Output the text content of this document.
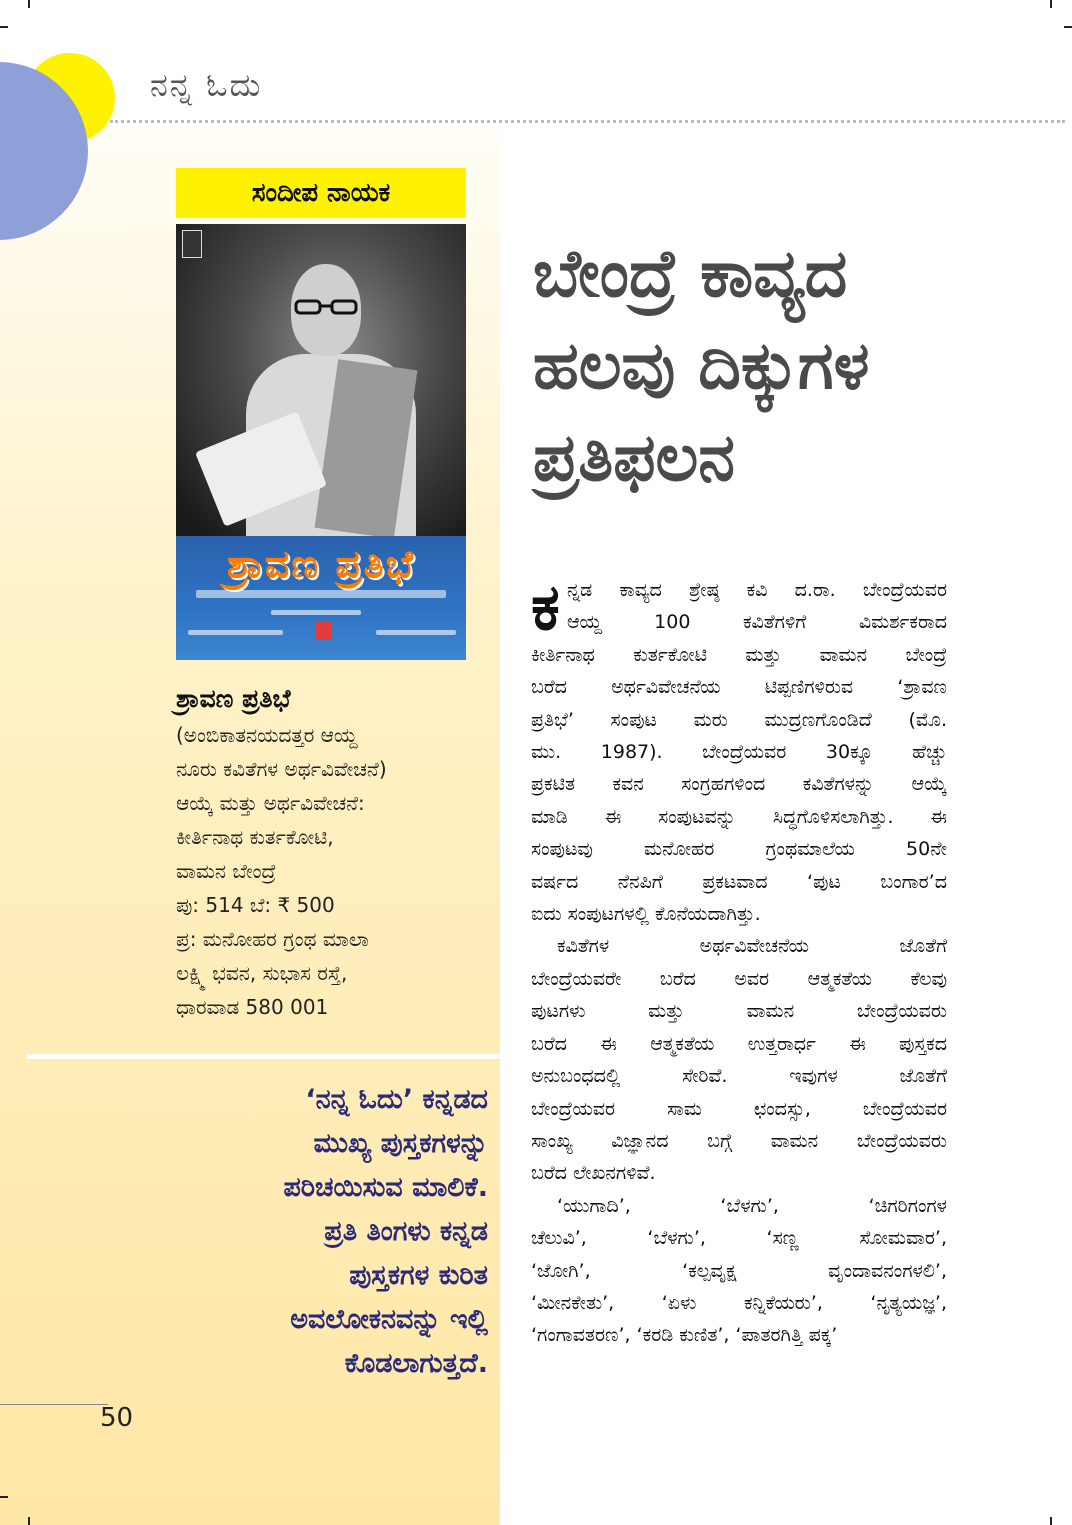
ನನ್ನ ಓದು
ಸಂದೀಪ ನಾಯಕ
ಶ್ರಾವಣ ಪ್ರತಿಭೆ
ಶ್ರಾವಣ ಪ್ರತಿಭೆ
(ಅಂಬಿಕಾತನಯದತ್ತರ ಆಯ್ದ
ನೂರು ಕವಿತೆಗಳ ಅರ್ಥವಿವೇಚನೆ)
ಆಯ್ಕೆ ಮತ್ತು ಅರ್ಥವಿವೇಚನೆ:
ಕೀರ್ತಿನಾಥ ಕುರ್ತಕೋಟಿ,
ವಾಮನ ಬೇಂದ್ರೆ
ಪು: 514 ಬೆ: ₹ 500
ಪ್ರ: ಮನೋಹರ ಗ್ರಂಥ ಮಾಲಾ
ಲಕ್ಷ್ಮಿ ಭವನ, ಸುಭಾಸ ರಸ್ತೆ,
ಧಾರವಾಡ 580 001
‘ನನ್ನ ಓದು’ ಕನ್ನಡದ
ಮುಖ್ಯ ಪುಸ್ತಕಗಳನ್ನು
ಪರಿಚಯಿಸುವ ಮಾಲಿಕೆ.
ಪ್ರತಿ ತಿಂಗಳು ಕನ್ನಡ
ಪುಸ್ತಕಗಳ ಕುರಿತ
ಅವಲೋಕನವನ್ನು ಇಲ್ಲಿ
ಕೊಡಲಾಗುತ್ತದೆ.
50
ಬೇಂದ್ರೆ ಕಾವ್ಯದ
ಹಲವು ದಿಕ್ಕುಗಳ
ಪ್ರತಿಫಲನ
ಕ ನ್ನಡ ಕಾವ್ಯದ ಶ್ರೇಷ್ಠ ಕವಿ ದ.ರಾ. ಬೇಂದ್ರೆಯವರ
ಆಯ್ದ 100 ಕವಿತೆಗಳಿಗೆ ವಿಮರ್ಶಕರಾದ
ಕೀರ್ತಿನಾಥ ಕುರ್ತಕೋಟಿ ಮತ್ತು ವಾಮನ ಬೇಂದ್ರೆ
ಬರೆದ ಅರ್ಥವಿವೇಚನೆಯ ಟಿಪ್ಪಣಿಗಳಿರುವ ‘ಶ್ರಾವಣ
ಪ್ರತಿಭೆ’ ಸಂಪುಟ ಮರು ಮುದ್ರಣಗೊಂಡಿದೆ (ಮೊ.
ಮು. 1987). ಬೇಂದ್ರೆಯವರ 30ಕ್ಕೂ ಹೆಚ್ಚು
ಪ್ರಕಟಿತ ಕವನ ಸಂಗ್ರಹಗಳಿಂದ ಕವಿತೆಗಳನ್ನು ಆಯ್ಕೆ
ಮಾಡಿ ಈ ಸಂಪುಟವನ್ನು ಸಿದ್ಧಗೊಳಿಸಲಾಗಿತ್ತು. ಈ
ಸಂಪುಟವು ಮನೋಹರ ಗ್ರಂಥಮಾಲೆಯ 50ನೇ
ವರ್ಷದ ನೆನಪಿಗೆ ಪ್ರಕಟವಾದ ‘ಪುಟ ಬಂಗಾರ’ದ
ಐದು ಸಂಪುಟಗಳಲ್ಲಿ ಕೊನೆಯದಾಗಿತ್ತು.
ಕವಿತೆಗಳ ಅರ್ಥವಿವೇಚನೆಯ ಜೊತೆಗೆ
ಬೇಂದ್ರೆಯವರೇ ಬರೆದ ಅವರ ಆತ್ಮಕತೆಯ ಕೆಲವು
ಪುಟಗಳು ಮತ್ತು ವಾಮನ ಬೇಂದ್ರೆಯವರು
ಬರೆದ ಈ ಆತ್ಮಕತೆಯ ಉತ್ತರಾರ್ಧ ಈ ಪುಸ್ತಕದ
ಅನುಬಂಧದಲ್ಲಿ ಸೇರಿವೆ. ಇವುಗಳ ಜೊತೆಗೆ
ಬೇಂದ್ರೆಯವರ ಸಾಮ ಛಂದಸ್ಸು, ಬೇಂದ್ರೆಯವರ
ಸಾಂಖ್ಯ ವಿಜ್ಞಾನದ ಬಗ್ಗೆ ವಾಮನ ಬೇಂದ್ರೆಯವರು
ಬರೆದ ಲೇಖನಗಳಿವೆ.
‘ಯುಗಾದಿ’, ‘ಬೆಳಗು’, ‘ಚಿಗರಿಗಂಗಳ
ಚೆಲುವಿ’, ‘ಬೆಳಗು’, ‘ಸಣ್ಣ ಸೋಮವಾರ’,
‘ಜೋಗಿ’, ‘ಕಲ್ಪವೃಕ್ಷ ವೃಂದಾವನಂಗಳಲಿ’,
‘ಮೀನಕೇತು’, ‘ಏಳು ಕನ್ನಿಕೆಯರು’, ‘ನೃತ್ಯಯಜ್ಞ’,
‘ಗಂಗಾವತರಣ’, ‘ಕರಡಿ ಕುಣಿತ’, ‘ಪಾತರಗಿತ್ತಿ ಪಕ್ಕ’
